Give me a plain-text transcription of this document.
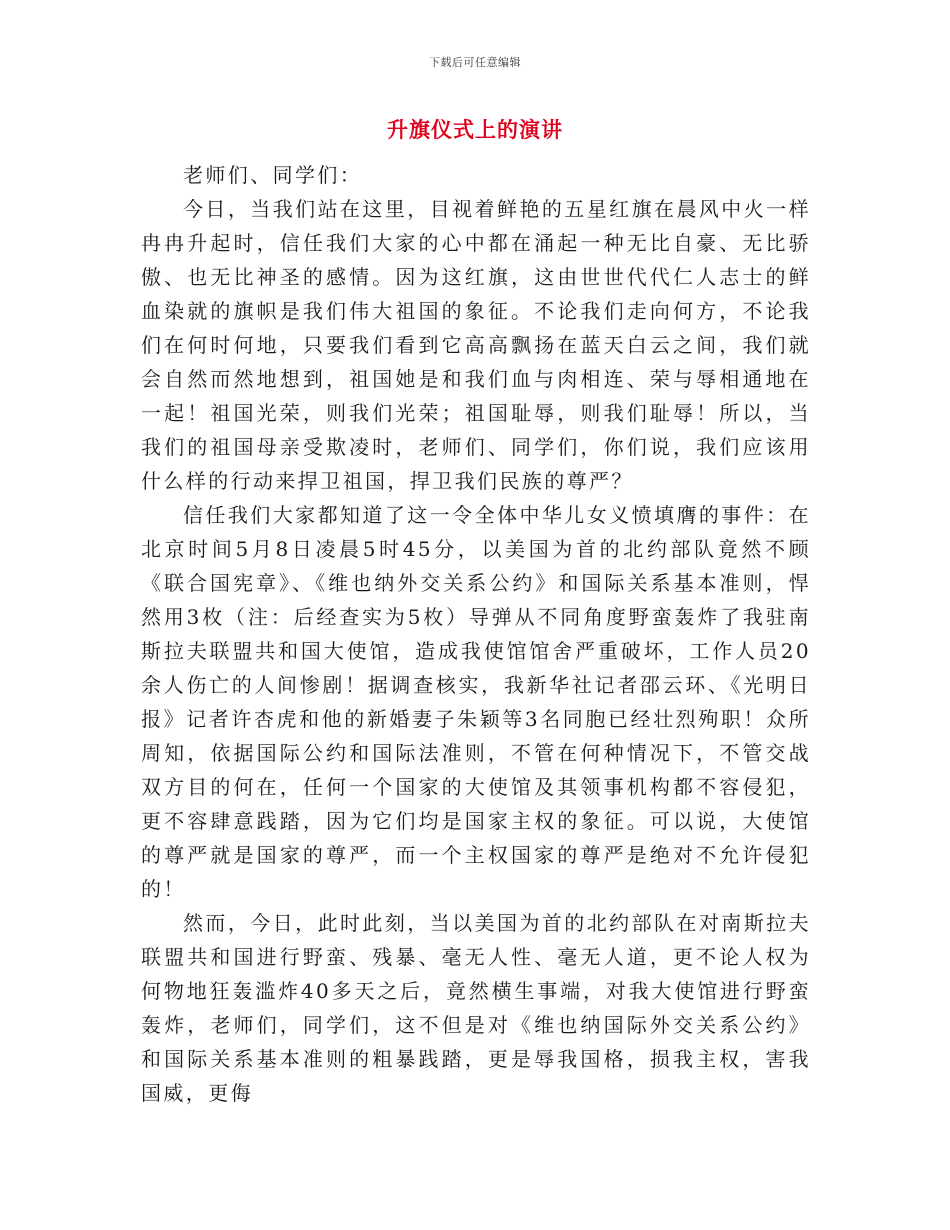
下载后可任意编辑
升旗仪式上的演讲

老师们、同学们：

今日，当我们站在这里，目视着鲜艳的五星红旗在晨风中火一样冉冉升起时，信任我们大家的心中都在涌起一种无比自豪、无比骄傲、也无比神圣的感情。因为这红旗，这由世世代代仁人志士的鲜血染就的旗帜是我们伟大祖国的象征。不论我们走向何方，不论我们在何时何地，只要我们看到它高高飘扬在蓝天白云之间，我们就会自然而然地想到，祖国她是和我们血与肉相连、荣与辱相通地在一起！祖国光荣，则我们光荣；祖国耻辱，则我们耻辱！所以，当我们的祖国母亲受欺凌时，老师们、同学们，你们说，我们应该用什么样的行动来捍卫祖国，捍卫我们民族的尊严？

信任我们大家都知道了这一令全体中华儿女义愤填膺的事件：在北京时间5月8日凌晨5时45分，以美国为首的北约部队竟然不顾《联合国宪章》、《维也纳外交关系公约》和国际关系基本准则，悍然用3枚（注：后经查实为5枚）导弹从不同角度野蛮轰炸了我驻南斯拉夫联盟共和国大使馆，造成我使馆馆舍严重破坏，工作人员20余人伤亡的人间惨剧！据调查核实，我新华社记者邵云环、《光明日报》记者许杏虎和他的新婚妻子朱颖等3名同胞已经壮烈殉职！众所周知，依据国际公约和国际法准则，不管在何种情况下，不管交战双方目的何在，任何一个国家的大使馆及其领事机构都不容侵犯，更不容肆意践踏，因为它们均是国家主权的象征。可以说，大使馆的尊严就是国家的尊严，而一个主权国家的尊严是绝对不允许侵犯的！

然而，今日，此时此刻，当以美国为首的北约部队在对南斯拉夫联盟共和国进行野蛮、残暴、毫无人性、毫无人道，更不论人权为何物地狂轰滥炸40多天之后，竟然横生事端，对我大使馆进行野蛮轰炸，老师们，同学们，这不但是对《维也纳国际外交关系公约》和国际关系基本准则的粗暴践踏，更是辱我国格，损我主权，害我国威，更侮
